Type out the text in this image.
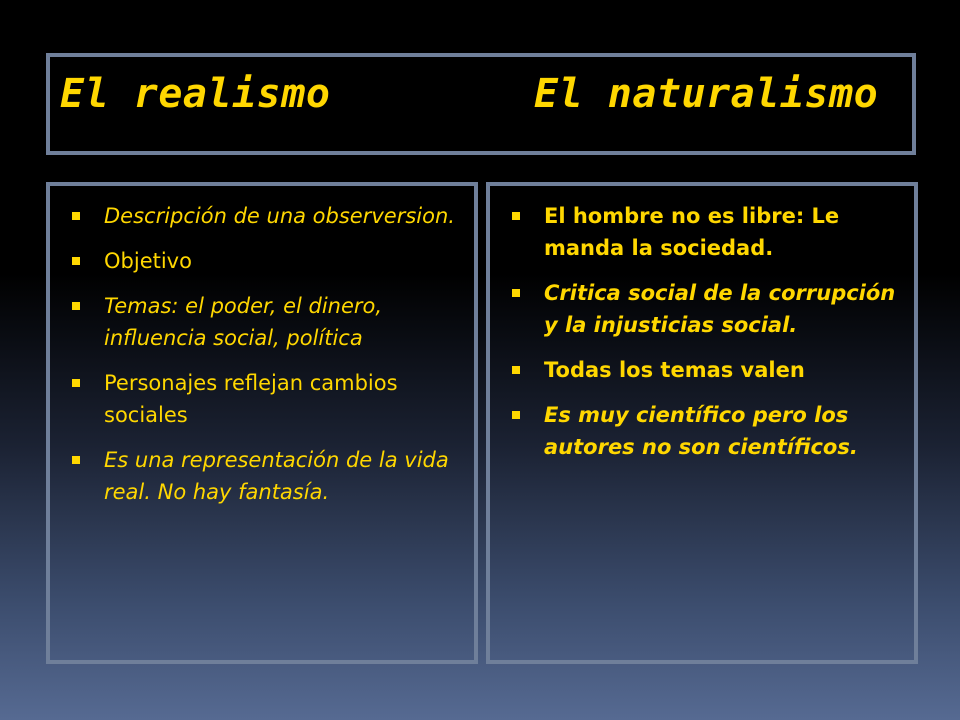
El realismo	El naturalismo
Descripción de una observersion.
Objetivo
Temas: el poder, el dinero, influencia social, política
Personajes reflejan cambios sociales
Es una representación de la vida real. No hay fantasía.
El hombre no es libre: Le manda la sociedad.
Critica social de la corrupción y la injusticias social.
Todas los temas valen
Es muy científico pero los autores no son científicos.
